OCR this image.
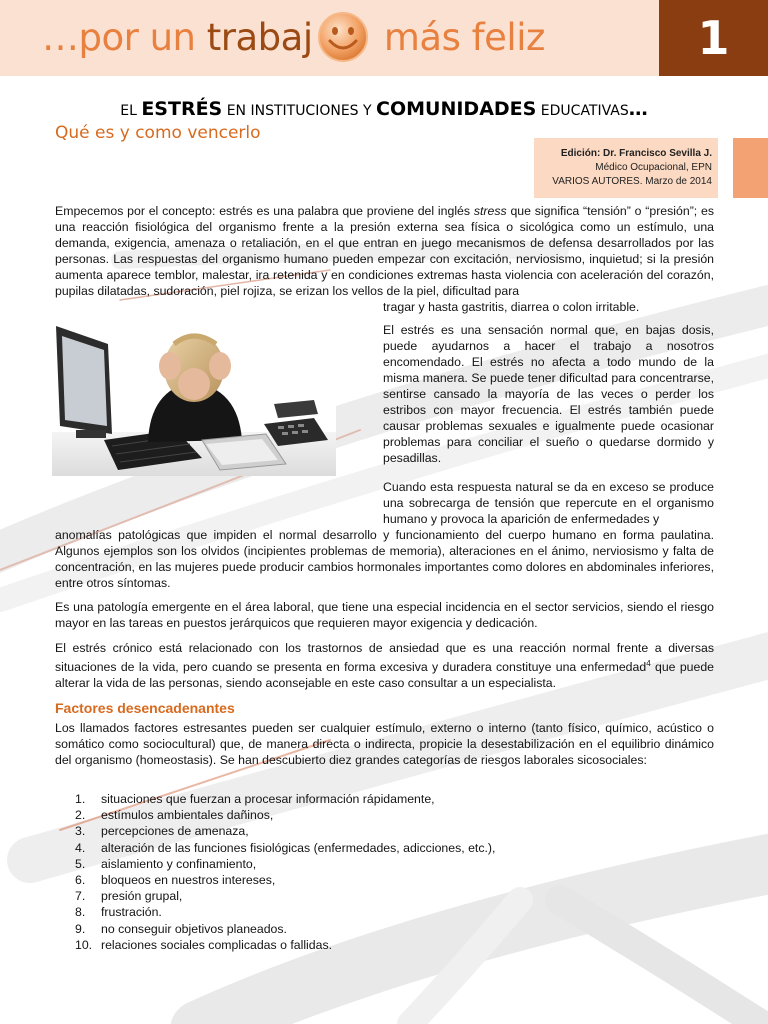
…por un trabaj más feliz	1
EL ESTRÉS EN INSTITUCIONES Y COMUNIDADES EDUCATIVAS…
Qué es y como vencerlo
Edición: Dr. Francisco Sevilla J.
Médico Ocupacional, EPN
VARIOS AUTORES. Marzo de 2014
Empecemos por el concepto: estrés es una palabra que proviene del inglés stress que significa “tensión” o “presión”; es una reacción fisiológica del organismo frente a la presión externa sea física o sicológica como un estímulo, una demanda, exigencia, amenaza o retaliación, en el que entran en juego mecanismos de defensa desarrollados por las personas. Las respuestas del organismo humano pueden empezar con excitación, nerviosismo, inquietud; si la presión aumenta aparece temblor, malestar, ira retenida y en condiciones extremas hasta violencia con aceleración del corazón, pupilas dilatadas, sudoración, piel rojiza, se erizan los vellos de la piel, dificultad para
tragar y hasta gastritis, diarrea o colon irritable.
El estrés es una sensación normal que, en bajas dosis, puede ayudarnos a hacer el trabajo a nosotros encomendado. El estrés no afecta a todo mundo de la misma manera. Se puede tener dificultad para concentrarse, sentirse cansado la mayoría de las veces o perder los estribos con mayor frecuencia. El estrés también puede causar problemas sexuales e igualmente puede ocasionar problemas para conciliar el sueño o quedarse dormido y pesadillas.
Cuando esta respuesta natural se da en exceso se produce una sobrecarga de tensión que repercute en el organismo humano y provoca la aparición de enfermedades y
anomalías patológicas que impiden el normal desarrollo y funcionamiento del cuerpo humano en forma paulatina. Algunos ejemplos son los olvidos (incipientes problemas de memoria), alteraciones en el ánimo, nerviosismo y falta de concentración, en las mujeres puede producir cambios hormonales importantes como dolores en abdominales inferiores, entre otros síntomas.
Es una patología emergente en el área laboral, que tiene una especial incidencia en el sector servicios, siendo el riesgo mayor en las tareas en puestos jerárquicos que requieren mayor exigencia y dedicación.
El estrés crónico está relacionado con los trastornos de ansiedad que es una reacción normal frente a diversas situaciones de la vida, pero cuando se presenta en forma excesiva y duradera constituye una enfermedad$^4$ que puede alterar la vida de las personas, siendo aconsejable en este caso consultar a un especialista.
Factores desencadenantes
Los llamados factores estresantes pueden ser cualquier estímulo, externo o interno (tanto físico, químico, acústico o somático como sociocultural) que, de manera directa o indirecta, propicie la desestabilización en el equilibrio dinámico del organismo (homeostasis). Se han descubierto diez grandes categorías de riesgos laborales sicosociales:
1.	situaciones que fuerzan a procesar información rápidamente,
2.	estímulos ambientales dañinos,
3.	percepciones de amenaza,
4.	alteración de las funciones fisiológicas (enfermedades, adicciones, etc.),
5.	aislamiento y confinamiento,
6.	bloqueos en nuestros intereses,
7.	presión grupal,
8.	frustración.
9.	no conseguir objetivos planeados.
10. relaciones sociales complicadas o fallidas.
